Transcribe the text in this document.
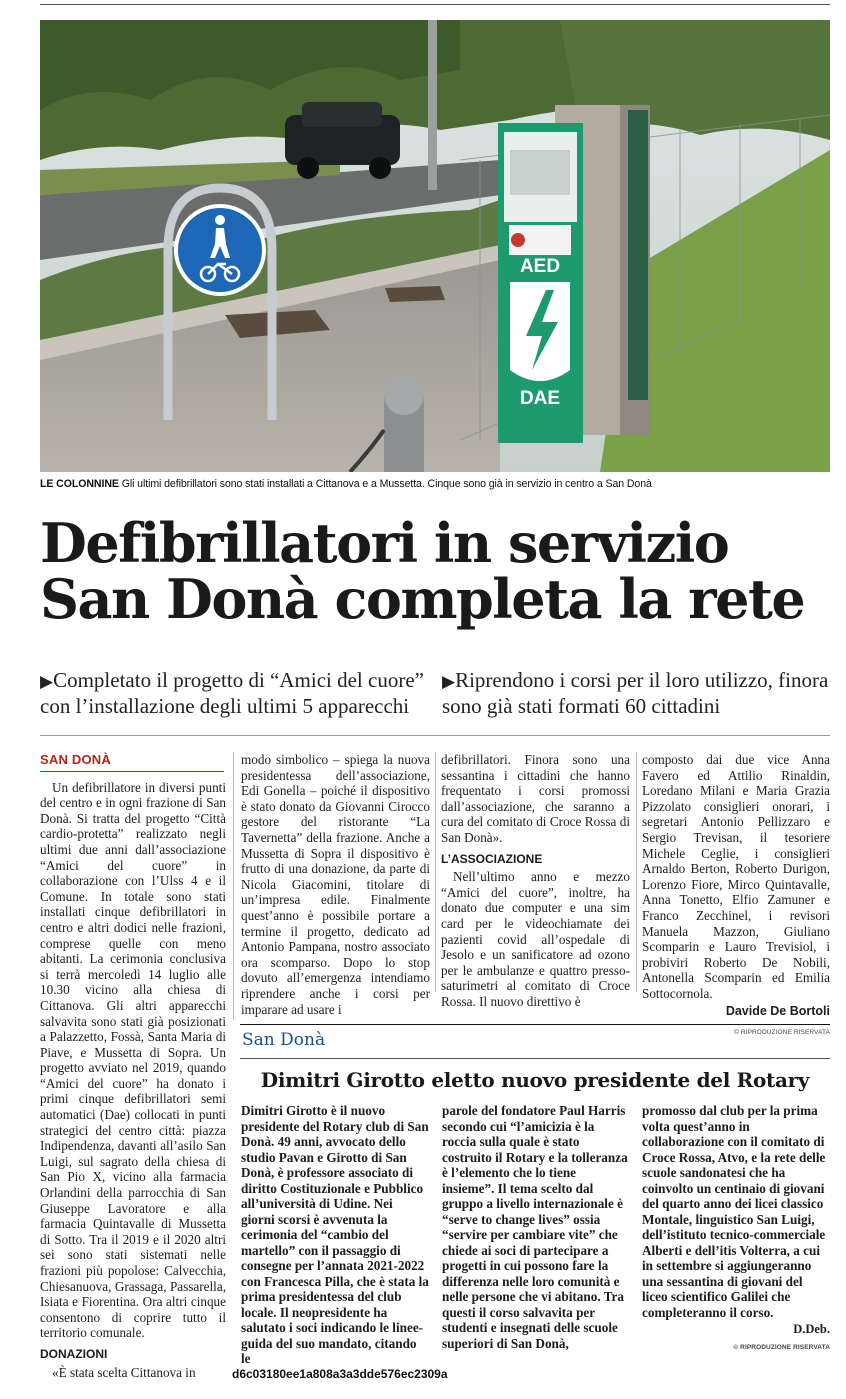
AED
DAE
LE COLONNINE Gli ultimi defibrillatori sono stati installati a Cittanova e a Mussetta. Cinque sono già in servizio in centro a San Donà
Defibrillatori in servizio
San Donà completa la rete
▶Completato il progetto di “Amici del cuore” con l’installazione degli ultimi 5 apparecchi
▶Riprendono i corsi per il loro utilizzo, finora sono già stati formati 60 cittadini
SAN DONÀ

Un defibrillatore in diversi punti del centro e in ogni frazione di San Donà. Si tratta del progetto “Città cardio-protetta” realizzato negli ultimi due anni dall’associazione “Amici del cuore” in collaborazione con l’Ulss 4 e il Comune. In totale sono stati installati cinque defibrillatori in centro e altri dodici nelle frazioni, comprese quelle con meno abitanti. La cerimonia conclusiva si terrà mercoledì 14 luglio alle 10.30 vicino alla chiesa di Cittanova. Gli altri apparecchi salvavita sono stati già posizionati a Palazzetto, Fossà, Santa Maria di Piave, e Mussetta di Sopra. Un progetto avviato nel 2019, quando “Amici del cuore” ha donato i primi cinque defibrillatori semi automatici (Dae) collocati in punti strategici del centro città: piazza Indipendenza, davanti all’asilo San Luigi, sul sagrato della chiesa di San Pio X, vicino alla farmacia Orlandini della parrocchia di San Giuseppe Lavoratore e alla farmacia Quintavalle di Mussetta di Sotto. Tra il 2019 e il 2020 altri sei sono stati sistemati nelle frazioni più popolose: Calvecchia, Chiesanuova, Grassaga, Passarella, Isiata e Fiorentina. Ora altri cinque consentono di coprire tutto il territorio comunale.

DONAZIONI

«È stata scelta Cittanova in

modo simbolico – spiega la nuova presidentessa dell’associazione, Edi Gonella – poiché il dispositivo è stato donato da Giovanni Cirocco gestore del ristorante “La Tavernetta” della frazione. Anche a Mussetta di Sopra il dispositivo è frutto di una donazione, da parte di Nicola Giacomini, titolare di un’impresa edile. Finalmente quest’anno è possibile portare a termine il progetto, dedicato ad Antonio Pampana, nostro associato ora scomparso. Dopo lo stop dovuto all’emergenza intendiamo riprendere anche i corsi per imparare ad usare i

defibrillatori. Finora sono una sessantina i cittadini che hanno frequentato i corsi promossi dall’associazione, che saranno a cura del comitato di Croce Rossa di San Donà».

L’ASSOCIAZIONE

Nell’ultimo anno e mezzo “Amici del cuore”, inoltre, ha donato due computer e una sim card per le videochiamate dei pazienti covid all’ospedale di Jesolo e un sanificatore ad ozono per le ambulanze e quattro presso-saturimetri al comitato di Croce Rossa. Il nuovo direttivo è

composto dai due vice Anna Favero ed Attilio Rinaldin, Loredano Milani e Maria Grazia Pizzolato consiglieri onorari, i segretari Antonio Pellizzaro e Sergio Trevisan, il tesoriere Michele Ceglie, i consiglieri Arnaldo Berton, Roberto Durigon, Lorenzo Fiore, Mirco Quintavalle, Anna Tonetto, Elfio Zamuner e Franco Zecchinel, i revisori Manuela Mazzon, Giuliano Scomparin e Lauro Trevisiol, i probiviri Roberto De Nobili, Antonella Scomparin ed Emilia Sottocornola.

Davide De Bortoli
© RIPRODUZIONE RISERVATA
San Donà
Dimitri Girotto eletto nuovo presidente del Rotary

Dimitri Girotto è il nuovo presidente del Rotary club di San Donà. 49 anni, avvocato dello studio Pavan e Girotto di San Donà, è professore associato di diritto Costituzionale e Pubblico all’università di Udine. Nei giorni scorsi è avvenuta la cerimonia del “cambio del martello” con il passaggio di consegne per l’annata 2021-2022 con Francesca Pilla, che è stata la prima presidentessa del club locale. Il neopresidente ha salutato i soci indicando le linee-guida del suo mandato, citando le

parole del fondatore Paul Harris secondo cui “l’amicizia è la roccia sulla quale è stato costruito il Rotary e la tolleranza è l’elemento che lo tiene insieme”. Il tema scelto dal gruppo a livello internazionale è “serve to change lives” ossia “servire per cambiare vite” che chiede ai soci di partecipare a progetti in cui possono fare la differenza nelle loro comunità e nelle persone che vi abitano. Tra questi il corso salvavita per studenti e insegnati delle scuole superiori di San Donà,

promosso dal club per la prima volta quest’anno in collaborazione con il comitato di Croce Rossa, Atvo, e la rete delle scuole sandonatesi che ha coinvolto un centinaio di giovani del quarto anno dei licei classico Montale, linguistico San Luigi, dell’istituto tecnico-commerciale Alberti e dell’itis Volterra, a cui in settembre si aggiungeranno una sessantina di giovani del liceo scientifico Galilei che completeranno il corso.

D.Deb.
© RIPRODUZIONE RISERVATA
d6c03180ee1a808a3a3dde576ec2309a
